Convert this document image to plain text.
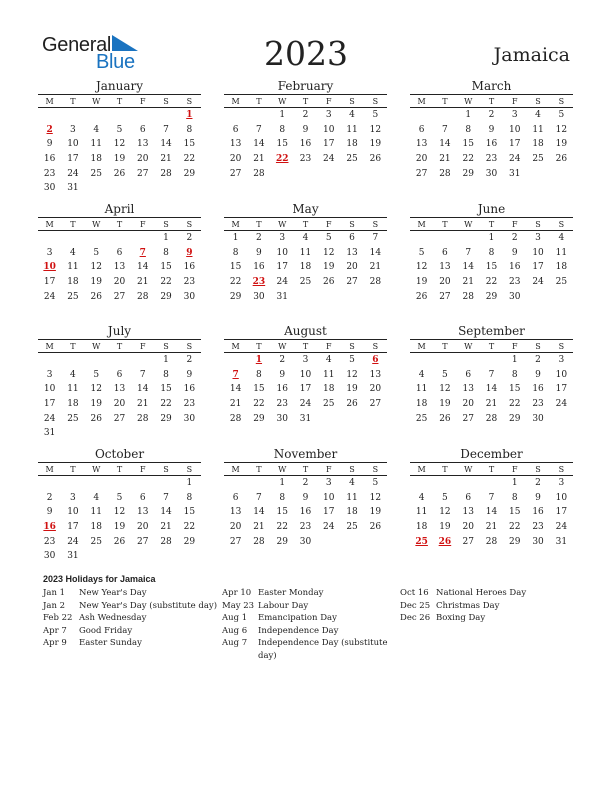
General
Blue	2023	Jamaica
January
M	T	W	T	F	S	S
						1
2	3	4	5	6	7	8
9	10	11	12	13	14	15
16	17	18	19	20	21	22
23	24	25	26	27	28	29
30	31					
February
M	T	W	T	F	S	S
		1	2	3	4	5
6	7	8	9	10	11	12
13	14	15	16	17	18	19
20	21	22	23	24	25	26
27	28					
March
M	T	W	T	F	S	S
		1	2	3	4	5
6	7	8	9	10	11	12
13	14	15	16	17	18	19
20	21	22	23	24	25	26
27	28	29	30	31		
April
M	T	W	T	F	S	S
					1	2
3	4	5	6	7	8	9
10	11	12	13	14	15	16
17	18	19	20	21	22	23
24	25	26	27	28	29	30
May
M	T	W	T	F	S	S
1	2	3	4	5	6	7
8	9	10	11	12	13	14
15	16	17	18	19	20	21
22	23	24	25	26	27	28
29	30	31				
June
M	T	W	T	F	S	S
			1	2	3	4
5	6	7	8	9	10	11
12	13	14	15	16	17	18
19	20	21	22	23	24	25
26	27	28	29	30		
July
M	T	W	T	F	S	S
					1	2
3	4	5	6	7	8	9
10	11	12	13	14	15	16
17	18	19	20	21	22	23
24	25	26	27	28	29	30
31						
August
M	T	W	T	F	S	S
	1	2	3	4	5	6
7	8	9	10	11	12	13
14	15	16	17	18	19	20
21	22	23	24	25	26	27
28	29	30	31			
September
M	T	W	T	F	S	S
				1	2	3
4	5	6	7	8	9	10
11	12	13	14	15	16	17
18	19	20	21	22	23	24
25	26	27	28	29	30	
October
M	T	W	T	F	S	S
						1
2	3	4	5	6	7	8
9	10	11	12	13	14	15
16	17	18	19	20	21	22
23	24	25	26	27	28	29
30	31					
November
M	T	W	T	F	S	S
		1	2	3	4	5
6	7	8	9	10	11	12
13	14	15	16	17	18	19
20	21	22	23	24	25	26
27	28	29	30			
December
M	T	W	T	F	S	S
				1	2	3
4	5	6	7	8	9	10
11	12	13	14	15	16	17
18	19	20	21	22	23	24
25	26	27	28	29	30	31
2023 Holidays for Jamaica
Jan 1	New Year's Day
Jan 2	New Year's Day (substitute day)
Feb 22 Ash Wednesday
Apr 7	Good Friday
Apr 9	Easter Sunday
Apr 10 Easter Monday
May 23 Labour Day
Aug 1	Emancipation Day
Aug 6	Independence Day
Aug 7	Independence Day (substitute day)
Oct 16 National Heroes Day
Dec 25 Christmas Day
Dec 26 Boxing Day
